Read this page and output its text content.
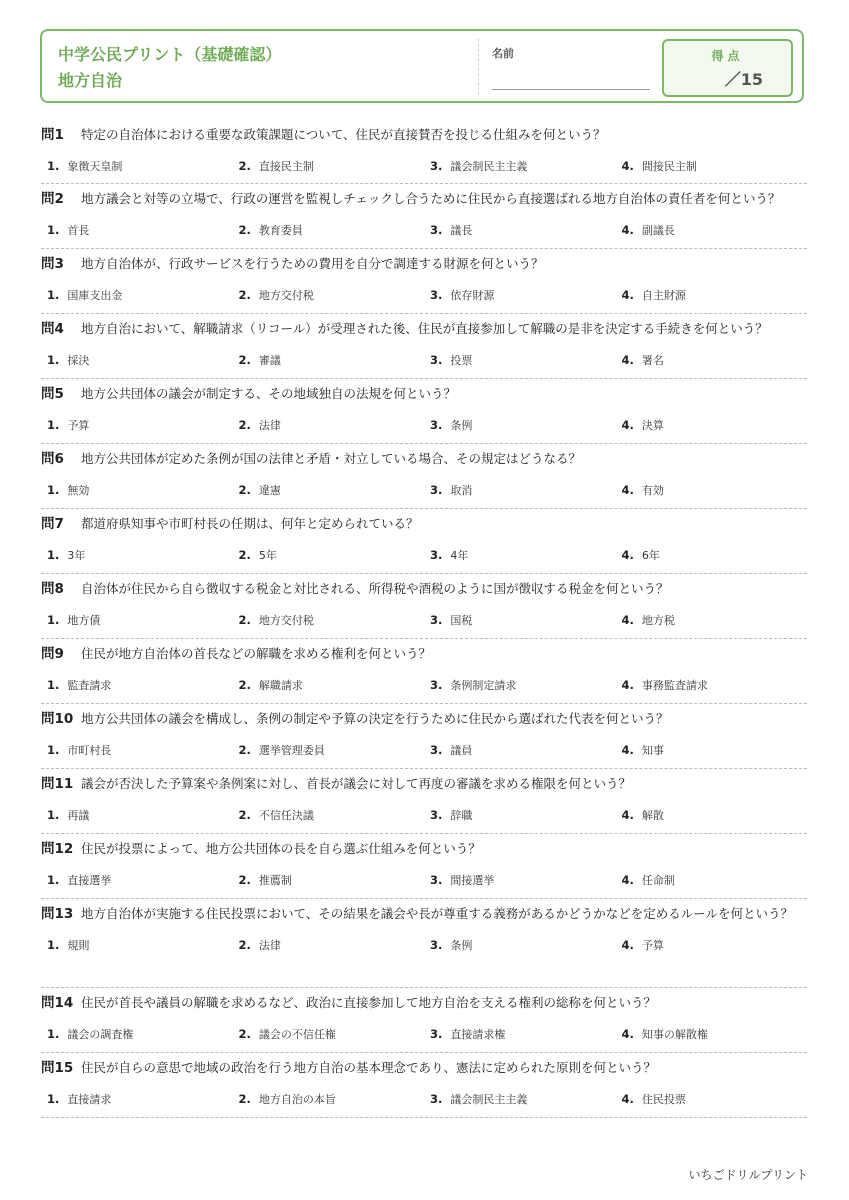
中学公民プリント（基礎確認）
地方自治
名前	得点
／15
問1	特定の自治体における重要な政策課題について、住民が直接賛否を投じる仕組みを何という？
1. 象徴天皇制	2. 直接民主制	3. 議会制民主主義	4. 間接民主制
問2	地方議会と対等の立場で、行政の運営を監視しチェックし合うために住民から直接選ばれる地方自治体の責任者を何という？
1. 首長	2. 教育委員	3. 議長	4. 副議長
問3	地方自治体が、行政サービスを行うための費用を自分で調達する財源を何という？
1. 国庫支出金	2. 地方交付税	3. 依存財源	4. 自主財源
問4	地方自治において、解職請求（リコール）が受理された後、住民が直接参加して解職の是非を決定する手続きを何という？
1. 採決	2. 審議	3. 投票	4. 署名
問5	地方公共団体の議会が制定する、その地域独自の法規を何という？
1. 予算	2. 法律	3. 条例	4. 決算
問6	地方公共団体が定めた条例が国の法律と矛盾・対立している場合、その規定はどうなる？
1. 無効	2. 違憲	3. 取消	4. 有効
問7	都道府県知事や市町村長の任期は、何年と定められている？
1. 3年	2. 5年	3. 4年	4. 6年
問8	自治体が住民から自ら徴収する税金と対比される、所得税や酒税のように国が徴収する税金を何という？
1. 地方債	2. 地方交付税	3. 国税	4. 地方税
問9	住民が地方自治体の首長などの解職を求める権利を何という？
1. 監査請求	2. 解職請求	3. 条例制定請求	4. 事務監査請求
問10 地方公共団体の議会を構成し、条例の制定や予算の決定を行うために住民から選ばれた代表を何という？
1. 市町村長	2. 選挙管理委員	3. 議員	4. 知事
問11 議会が否決した予算案や条例案に対し、首長が議会に対して再度の審議を求める権限を何という？
1. 再議	2. 不信任決議	3. 辞職	4. 解散
問12 住民が投票によって、地方公共団体の長を自ら選ぶ仕組みを何という？
1. 直接選挙	2. 推薦制	3. 間接選挙	4. 任命制
問13 地方自治体が実施する住民投票において、その結果を議会や長が尊重する義務があるかどうかなどを定めるルールを何という？
1. 規則	2. 法律	3. 条例	4. 予算
問14 住民が首長や議員の解職を求めるなど、政治に直接参加して地方自治を支える権利の総称を何という？
1. 議会の調査権	2. 議会の不信任権	3. 直接請求権	4. 知事の解散権
問15 住民が自らの意思で地域の政治を行う地方自治の基本理念であり、憲法に定められた原則を何という？
1. 直接請求	2. 地方自治の本旨	3. 議会制民主主義	4. 住民投票
いちごドリルプリント
